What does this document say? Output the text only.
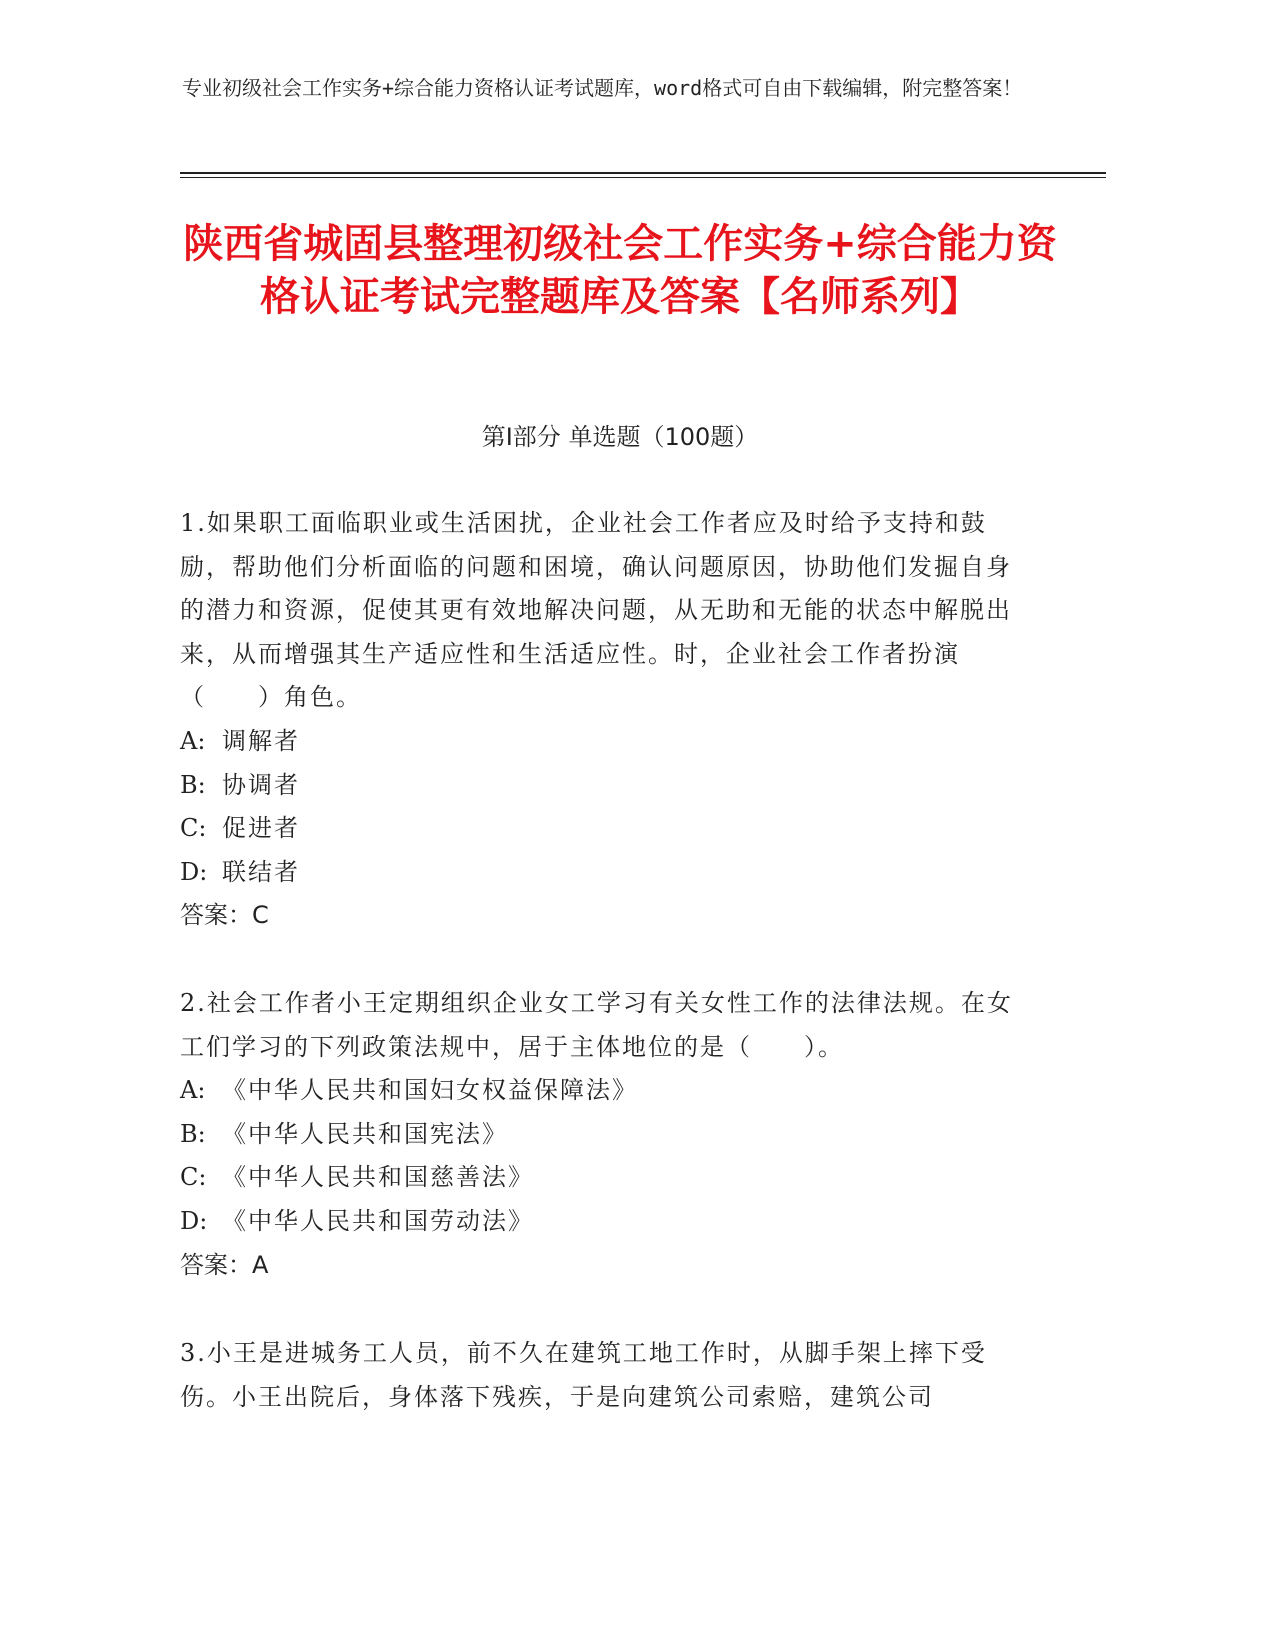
专业初级社会工作实务+综合能力资格认证考试题库，word格式可自由下载编辑，附完整答案！
陕西省城固县整理初级社会工作实务+综合能力资格认证考试完整题库及答案【名师系列】
第I部分 单选题（100题）
1.如果职工面临职业或生活困扰，企业社会工作者应及时给予支持和鼓励，帮助他们分析面临的问题和困境，确认问题原因，协助他们发掘自身的潜力和资源，促使其更有效地解决问题，从无助和无能的状态中解脱出来，从而增强其生产适应性和生活适应性。时，企业社会工作者扮演（　　）角色。
A: 调解者
B: 协调者
C: 促进者
D: 联结者
答案：C
2.社会工作者小王定期组织企业女工学习有关女性工作的法律法规。在女工们学习的下列政策法规中，居于主体地位的是（　　）。
A: 《中华人民共和国妇女权益保障法》
B: 《中华人民共和国宪法》
C: 《中华人民共和国慈善法》
D: 《中华人民共和国劳动法》
答案：A
3.小王是进城务工人员，前不久在建筑工地工作时，从脚手架上摔下受伤。小王出院后，身体落下残疾，于是向建筑公司索赔，建筑公司
